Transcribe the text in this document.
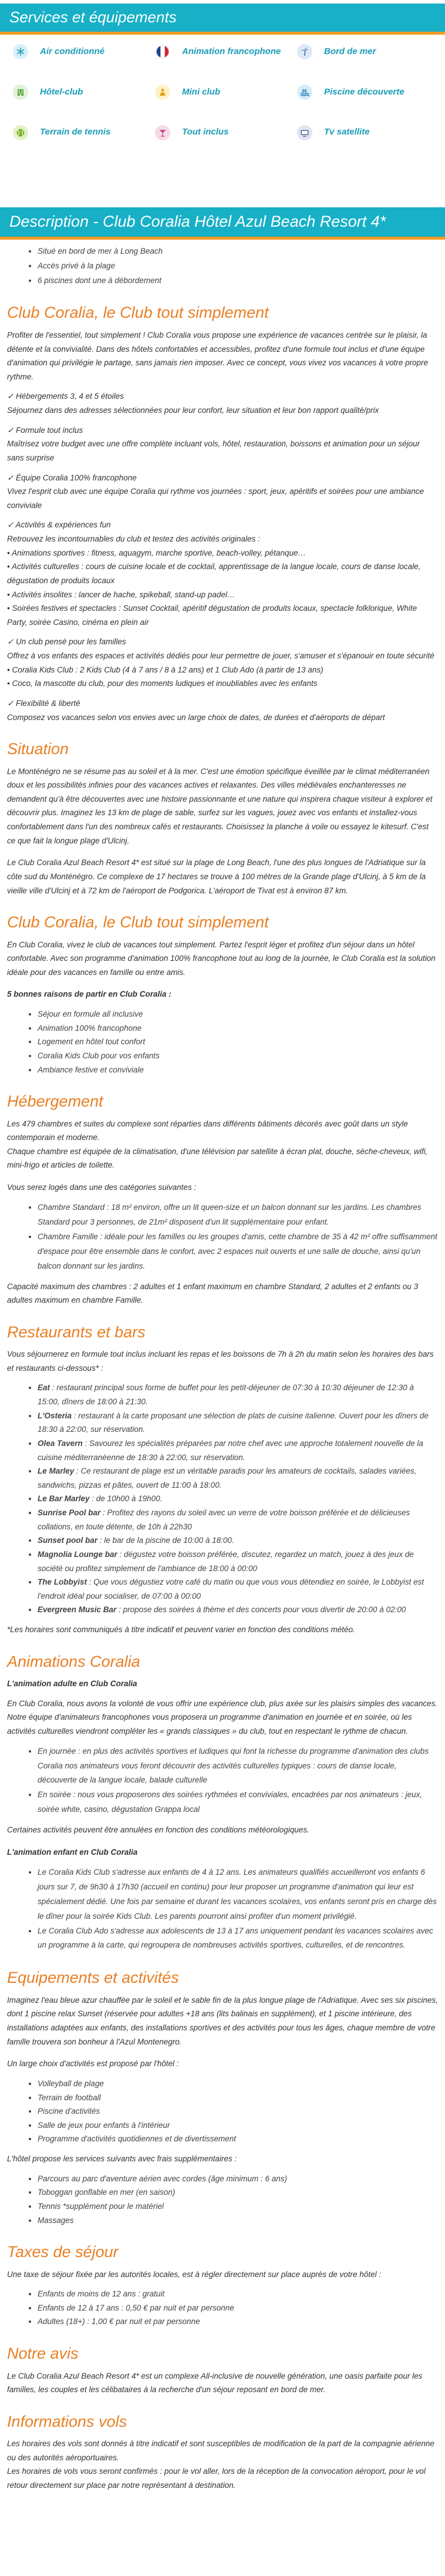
Services et équipements
Air conditionné	Animation francophone	Bord de mer
Hôtel-club	Mini club	Piscine découverte
Terrain de tennis	Tout inclus	Tv satellite
Description - Club Coralia Hôtel Azul Beach Resort 4*
• Situé en bord de mer à Long Beach
• Accès privé à la plage
• 6 piscines dont une à débordement
Club Coralia, le Club tout simplement

Profiter de l'essentiel, tout simplement ! Club Coralia vous propose une expérience de vacances centrée sur le plaisir, la détente et la convivialité. Dans des hôtels confortables et accessibles, profitez d'une formule tout inclus et d'une équipe d'animation qui privilégie le partage, sans jamais rien imposer. Avec ce concept, vous vivez vos vacances à votre propre rythme.

✓ Hébergements 3, 4 et 5 étoiles
Séjournez dans des adresses sélectionnées pour leur confort, leur situation et leur bon rapport qualité/prix
✓ Formule tout inclus
Maîtrisez votre budget avec une offre complète incluant vols, hôtel, restauration, boissons et animation pour un séjour sans surprise
✓ Équipe Coralia 100% francophone
Vivez l'esprit club avec une équipe Coralia qui rythme vos journées : sport, jeux, apéritifs et soirées pour une ambiance conviviale
✓ Activités & expériences fun
Retrouvez les incontournables du club et testez des activités originales :
• Animations sportives : fitness, aquagym, marche sportive, beach-volley, pétanque…
• Activités culturelles : cours de cuisine locale et de cocktail, apprentissage de la langue locale, cours de danse locale, dégustation de produits locaux
• Activités insolites : lancer de hache, spikeball, stand-up padel…
• Soirées festives et spectacles : Sunset Cocktail, apéritif dégustation de produits locaux, spectacle folklorique, White Party, soirée Casino, cinéma en plein air
✓ Un club pensé pour les familles
Offrez à vos enfants des espaces et activités dédiés pour leur permettre de jouer, s'amuser et s'épanouir en toute sécurité
• Coralia Kids Club : 2 Kids Club (4 à 7 ans / 8 à 12 ans) et 1 Club Ado (à partir de 13 ans)
• Coco, la mascotte du club, pour des moments ludiques et inoubliables avec les enfants
✓ Flexibilité & liberté
Composez vos vacances selon vos envies avec un large choix de dates, de durées et d'aéroports de départ
Situation

Le Monténégro ne se résume pas au soleil et à la mer. C'est une émotion spécifique éveillée par le climat méditerranéen doux et les possibilités infinies pour des vacances actives et relaxantes. Des villes médiévales enchanteresses ne demandent qu'à être découvertes avec une histoire passionnante et une nature qui inspirera chaque visiteur à explorer et découvrir plus. Imaginez les 13 km de plage de sable, surfez sur les vagues, jouez avec vos enfants et installez-vous confortablement dans l'un des nombreux cafés et restaurants. Choisissez la planche à voile ou essayez le kitesurf. C'est ce que fait la longue plage d'Ulcinj.

Le Club Coralia Azul Beach Resort 4* est situé sur la plage de Long Beach, l'une des plus longues de l'Adriatique sur la côte sud du Monténégro. Ce complexe de 17 hectares se trouve à 100 mètres de la Grande plage d'Ulcinj, à 5 km de la vieille ville d'Ulcinj et à 72 km de l'aéroport de Podgorica. L'aéroport de Tivat est à environ 87 km.

Club Coralia, le Club tout simplement

En Club Coralia, vivez le club de vacances tout simplement. Partez l'esprit léger et profitez d'un séjour dans un hôtel confortable. Avec son programme d'animation 100% francophone tout au long de la journée, le Club Coralia est la solution idéale pour des vacances en famille ou entre amis.

5 bonnes raisons de partir en Club Coralia :

• Séjour en formule all inclusive
• Animation 100% francophone
• Logement en hôtel tout confort
• Coralia Kids Club pour vos enfants
• Ambiance festive et conviviale
Hébergement

Les 479 chambres et suites du complexe sont réparties dans différents bâtiments décorés avec goût dans un style contemporain et moderne.

Chaque chambre est équipée de la climatisation, d'une télévision par satellite à écran plat, douche, sèche-cheveux, wifi, mini-frigo et articles de toilette.

Vous serez logés dans une des catégories suivantes :

• Chambre Standard : 18 m² environ, offre un lit queen-size et un balcon donnant sur les jardins. Les chambres Standard pour 3 personnes, de 21m² disposent d'un lit supplémentaire pour enfant.
• Chambre Famille : idéale pour les familles ou les groupes d'amis, cette chambre de 35 à 42 m² offre suffisamment d'espace pour être ensemble dans le confort, avec 2 espaces nuit ouverts et une salle de douche, ainsi qu'un balcon donnant sur les jardins.

Capacité maximum des chambres : 2 adultes et 1 enfant maximum en chambre Standard, 2 adultes et 2 enfants ou 3 adultes maximum en chambre Famille.

Restaurants et bars

Vous séjournerez en formule tout inclus incluant les repas et les boissons de 7h à 2h du matin selon les horaires des bars et restaurants ci-dessous* :

• Eat : restaurant principal sous forme de buffet pour les petit-déjeuner de 07:30 à 10:30 déjeuner de 12:30 à 15:00, dîners de 18:00 à 21:30.
• L'Osteria : restaurant à la carte proposant une sélection de plats de cuisine italienne. Ouvert pour les dîners de 18:30 à 22:00, sur réservation.
• Olea Tavern : Savourez les spécialités préparées par notre chef avec une approche totalement nouvelle de la cuisine méditerranéenne de 18:30 à 22:00, sur réservation.
• Le Marley : Ce restaurant de plage est un véritable paradis pour les amateurs de cocktails, salades variées, sandwichs, pizzas et pâtes, ouvert de 11:00 à 18:00.
• Le Bar Marley : de 10h00 à 19h00.
• Sunrise Pool bar : Profitez des rayons du soleil avec un verre de votre boisson préférée et de délicieuses collations, en toute détente, de 10h à 22h30
• Sunset pool bar : le bar de la piscine de 10:00 à 18:00.
• Magnolia Lounge bar : dégustez votre boisson préférée, discutez, regardez un match, jouez à des jeux de société ou profitez simplement de l'ambiance de 18:00 à 00:00
• The Lobbyist : Que vous dégustiez votre café du matin ou que vous vous détendiez en soirée, le Lobbyist est l'endroit idéal pour socialiser, de 07:00 à 00:00
• Evergreen Music Bar : propose des soirées à thème et des concerts pour vous divertir de 20:00 à 02:00

*Les horaires sont communiqués à titre indicatif et peuvent varier en fonction des conditions météo.

Animations Coralia

L'animation adulte en Club Coralia

En Club Coralia, nous avons la volonté de vous offrir une expérience club, plus axée sur les plaisirs simples des vacances. Notre équipe d'animateurs francophones vous proposera un programme d'animation en journée et en soirée, où les activités culturelles viendront compléter les « grands classiques » du club, tout en respectant le rythme de chacun.

• En journée : en plus des activités sportives et ludiques qui font la richesse du programme d'animation des clubs Coralia nos animateurs vous feront découvrir des activités culturelles typiques : cours de danse locale, découverte de la langue locale, balade culturelle
• En soirée : nous vous proposerons des soirées rythmées et conviviales, encadrées par nos animateurs : jeux, soirée white, casino, dégustation Grappa local

Certaines activités peuvent être annulées en fonction des conditions météorologiques.

L'animation enfant en Club Coralia

• Le Coralia Kids Club s'adresse aux enfants de 4 à 12 ans. Les animateurs qualifiés accueilleront vos enfants 6 jours sur 7, de 9h30 à 17h30 (accueil en continu) pour leur proposer un programme d'animation qui leur est spécialement dédié. Une fois par semaine et durant les vacances scolaires, vos enfants seront pris en charge dès le dîner pour la soirée Kids Club. Les parents pourront ainsi profiter d'un moment privilégié.
• Le Coralia Club Ado s'adresse aux adolescents de 13 à 17 ans uniquement pendant les vacances scolaires avec un programme à la carte, qui regroupera de nombreuses activités sportives, culturelles, et de rencontres.
Equipements et activités

Imaginez l'eau bleue azur chauffée par le soleil et le sable fin de la plus longue plage de l'Adriatique. Avec ses six piscines, dont 1 piscine relax Sunset (réservée pour adultes +18 ans (lits balinais en supplément), et 1 piscine intérieure, des installations adaptées aux enfants, des installations sportives et des activités pour tous les âges, chaque membre de votre famille trouvera son bonheur à l'Azul Montenegro.

Un large choix d'activités est proposé par l'hôtel :

• Volleyball de plage
• Terrain de football
• Piscine d'activités
• Salle de jeux pour enfants à l'intérieur
• Programme d'activités quotidiennes et de divertissement

L'hôtel propose les services suivants avec frais supplémentaires :

• Parcours au parc d'aventure aérien avec cordes (âge minimum : 6 ans)
• Toboggan gonflable en mer (en saison)
• Tennis *supplément pour le matériel
• Massages
Taxes de séjour

Une taxe de séjour fixée par les autorités locales, est à régler directement sur place auprès de votre hôtel :

• Enfants de moins de 12 ans : gratuit
• Enfants de 12 à 17 ans : 0,50 € par nuit et par personne
• Adultes (18+) : 1,00 € par nuit et par personne
Notre avis

Le Club Coralia Azul Beach Resort 4* est un complexe All-inclusive de nouvelle génération, une oasis parfaite pour les familles, les couples et les célibataires à la recherche d'un séjour reposant en bord de mer.

Informations vols

Les horaires des vols sont donnés à titre indicatif et sont susceptibles de modification de la part de la compagnie aérienne ou des autorités aéroportuaires.

Les horaires de vols vous seront confirmés : pour le vol aller, lors de la réception de la convocation aéroport, pour le vol retour directement sur place par notre représentant à destination.
